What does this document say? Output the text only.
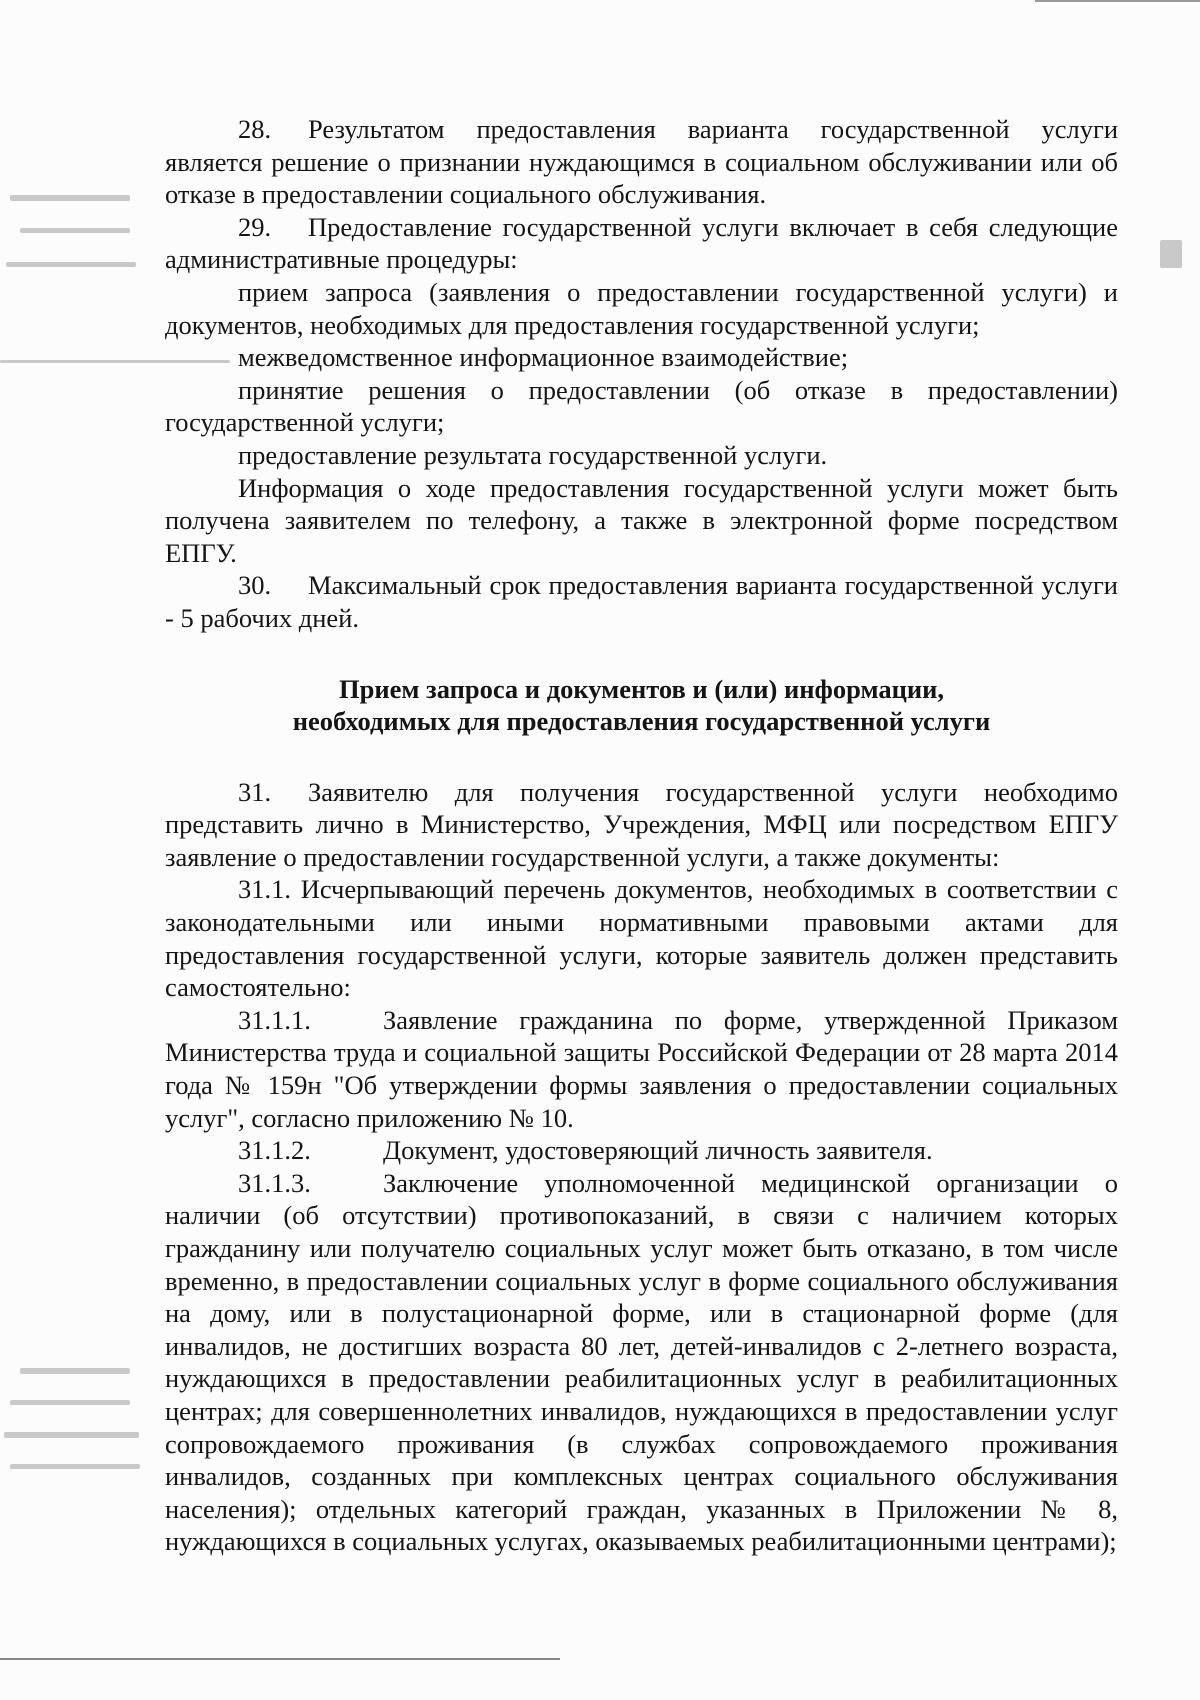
28. Результатом предоставления варианта государственной услуги является решение о признании нуждающимся в социальном обслуживании или об отказе в предоставлении социального обслуживания.

29. Предоставление государственной услуги включает в себя следующие административные процедуры:

прием запроса (заявления о предоставлении государственной услуги) и документов, необходимых для предоставления государственной услуги;

межведомственное информационное взаимодействие;

принятие решения о предоставлении (об отказе в предоставлении) государственной услуги;

предоставление результата государственной услуги.

Информация о ходе предоставления государственной услуги может быть получена заявителем по телефону, а также в электронной форме посредством ЕПГУ.

30. Максимальный срок предоставления варианта государственной услуги - 5 рабочих дней.

Прием запроса и документов и (или) информации,

необходимых для предоставления государственной услуги

31. Заявителю для получения государственной услуги необходимо представить лично в Министерство, Учреждения, МФЦ или посредством ЕПГУ заявление о предоставлении государственной услуги, а также документы:

31.1. Исчерпывающий перечень документов, необходимых в соответствии с законодательными или иными нормативными правовыми актами для предоставления государственной услуги, которые заявитель должен представить самостоятельно:

31.1.1.	Заявление гражданина по форме, утвержденной Приказом Министерства труда и социальной защиты Российской Федерации от 28 марта 2014 года № 159н "Об утверждении формы заявления о предоставлении социальных услуг", согласно приложению № 10.

31.1.2.	Документ, удостоверяющий личность заявителя.

31.1.3.	Заключение уполномоченной медицинской организации о наличии (об отсутствии) противопоказаний, в связи с наличием которых гражданину или получателю социальных услуг может быть отказано, в том числе временно, в предоставлении социальных услуг в форме социального обслуживания на дому, или в полустационарной форме, или в стационарной форме (для инвалидов, не достигших возраста 80 лет, детей-инвалидов с 2-летнего возраста, нуждающихся в предоставлении реабилитационных услуг в реабилитационных центрах; для совершеннолетних инвалидов, нуждающихся в предоставлении услуг сопровождаемого проживания (в службах сопровождаемого проживания инвалидов, созданных при комплексных центрах социального обслуживания населения); отдельных категорий граждан, указанных в Приложении № 8, нуждающихся в социальных услугах, оказываемых реабилитационными центрами);
